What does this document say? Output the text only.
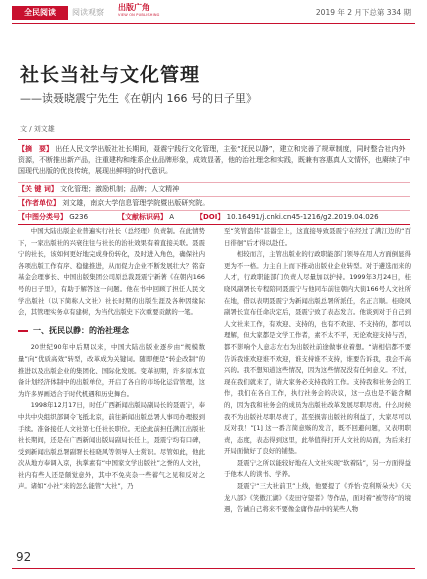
全民阅读	阅读观察
出版广角
VIEW ON PUBLISHING	2019 年 2 月下总第 334 期
社长当社与文化管理
——读聂晓震宁先生《在朝内 166 号的日子里》
文 / 刘文雄
【摘　要】 出任人民文学出版社社长期间，聂震宁践行文化管理，主张“抚民以静”，建立和完善了规章制度，同时整合社内外资源，不断推出新产品，注重建构和维系企业品牌形象，成效显著，他的治社理念和实践，既兼有容惠真人文情怀，也赓续了中国现代出版的优良传统，展现出鲜明的时代意识。
【关 键 词】 文化管理；激励机制；品牌；人文精神
【作者单位】 刘文雄，南京大学信息管理学院暨出版研究院。
【中图分类号】 G236	【文献标识码】 A	【DOI】 10.16491/j.cnki.cn45-1216/g2.2019.04.026

中国大陆出版企业普遍实行社长（总经理）负责制。在此情势下，一家出版社的兴衰往往与社长的治社效果有着直接关联。聂震宁的社长，该如何更好地完成身份转化，及时进入角色，确保社内各项出版工作有序、稳健推进，从而促力企业不断发展壮大？铭奋基金会理事长、中国出版集团公司原总裁聂震宁新著《在朝内166号的日子里》，有助于解答这一问题。他在书中回顾了担任人民文学出版社（以下简称人文社）社长时期的出版生涯及各种因缘际会，其管理实务卓有建树，为当代出版史下次重要贡献的一笔。

一、抚民以静：的治社理念

20世纪90年中后期以来，中国大陆出版业逐步由“规模数量”向“优质高效”转型，改革成为关键词。随即便是“转企改制”的推进以及出版企业的集团化、国际化发展。变革初期，许多原本宣备计划经济体制中的出版单位，开启了各自的市场化运营管理，这为许多界画适合于时代机遇和历史舞台。

1998年12月17日，时任广西新闻出版局副局长的聂震宁，奉中共中央组织部调令飞抵北京，前往新闻出版总署人事司办理报到手续。准备接任人文社第七任社长职位。无论此前担任满江出版社社长期间，还是在广西新闻出版局副局长任上，聂震宁均有口碑，受到新闻出版总署副署长桂晓风等领导人士赏识。尽管如此，他此次从地方奉调入京，执掌素有“中国家文学出版社”之誉的人文社，社内有些人还是颇觉意外，其中不免夹杂一些蓄气之见和反对之声。诸如“小社”来的怎么能管“大社”，乃

至“笑管盗伟”甚嚣尘上，这直接导致聂震宁在经过了满江边的“百日徘徊”后才得以赴任。

相较而言，主管出版业的行政职能部门领导在用人方面倒显得更为不一格。力主自上而下推动出版业企业转型。对于遴选而来的人才，行政职能部门负责人尽量加以护持。1999年3月24日，桂晓风副署长专程陪同聂震宁与他同车前往朝内大街166号人文社所在地，借以表明聂震宁为新闻出版总署所派任，名正言顺。桂晓风副署长宣布任命决定后，聂震宁致了表态发言。他谈到对于自己到人文社来工作，有欢迎、支持的，也有不欢迎、不支持的，都可以理解，但大家都是文学工作者，素不太不平，无论欢迎支持与否，都不影响个人意志左右为出版社前途做事业着想。“请相信都不要告诉我谁欢迎谁不欢迎，谁支持谁不支持，谁要告诉我，我会不高兴的。我不想知道这些情况，因为这些情况没有任何意义。不过，现在我们就来了，请大家务必支持我的工作。支持我和社务会的工作，我们在各自工作，执行社务会的决议，这一点也是不能含糊的，因为我和社务会的成员为出版社改革发展尽职尽责。什么时候我不为出版社尽职尽责了，甚至损害出版社的利益了，大家尽可以反对我！”[1] 这一番言简意赅的发言，既不回避问题，又表明职责，态度，表态得到这里，此举值得打开人文社的局面，为后来打开局面做好了良好的铺垫。

聂震宁之所以能较好地在人文社实现“软着陆”，另一方面得益于他本人的读书、学养。

聂震宁“三大社前卫”上线，他要提了《乔怡·克利斯朵夫》《天龙八部》《笑傲江湖》《麦田守望者》等作品，面对着“被等待”的境遇，告诫自己将来不要像金庸作品中的某些人物

92
